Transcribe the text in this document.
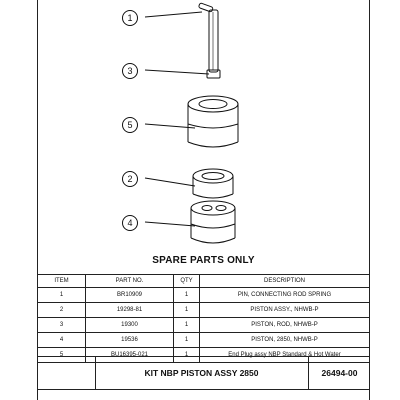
1
3
5
2
4
SPARE PARTS ONLY
ITEM	PART NO.	QTY	DESCRIPTION
1	BR10909	1	PIN, CONNECTING ROD SPRING
2	19298-81	1	PISTON ASSY., NHWB-P
3	19300	1	PISTON, ROD, NHWB-P
4	19536	1	PISTON, 2850, NHWB-P
5	BU16395-021	1	End Plug assy NBP Standard & Hot Water
KIT NBP PISTON ASSY 2850	26494-00
